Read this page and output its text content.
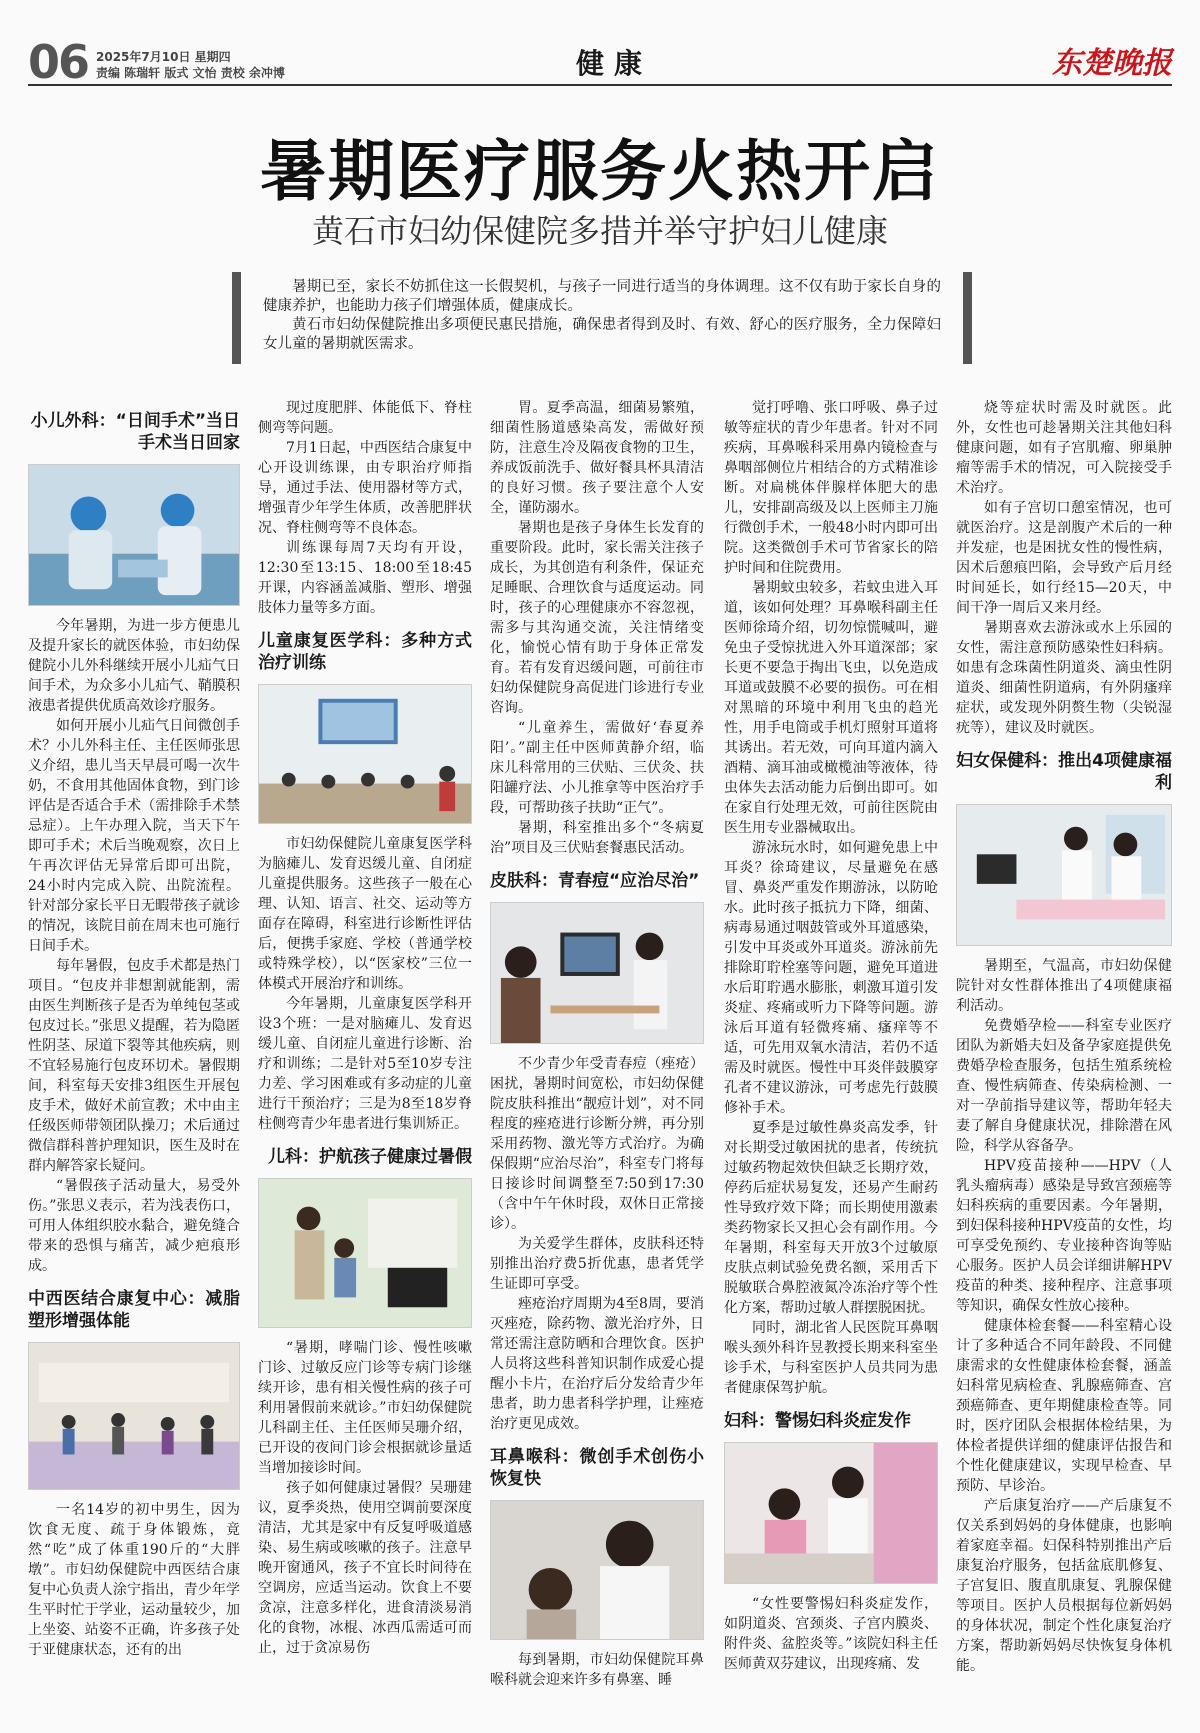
06 2025年7月10日 星期四
责编 陈瑞轩 版式 文怡 责校 余冲博	健康	东楚晚报
暑期医疗服务火热开启
黄石市妇幼保健院多措并举守护妇儿健康

暑期已至，家长不妨抓住这一长假契机，与孩子一同进行适当的身体调理。这不仅有助于家长自身的健康养护，也能助力孩子们增强体质，健康成长。

黄石市妇幼保健院推出多项便民惠民措施，确保患者得到及时、有效、舒心的医疗服务，全力保障妇女儿童的暑期就医需求。

小儿外科：“日间手术”当日手术当日回家

今年暑期，为进一步方便患儿及提升家长的就医体验，市妇幼保健院小儿外科继续开展小儿疝气日间手术，为众多小儿疝气、鞘膜积液患者提供优质高效诊疗服务。

如何开展小儿疝气日间微创手术？小儿外科主任、主任医师张思义介绍，患儿当天早晨可喝一次牛奶，不食用其他固体食物，到门诊评估是否适合手术（需排除手术禁忌症）。上午办理入院，当天下午即可手术；术后当晚观察，次日上午再次评估无异常后即可出院，24小时内完成入院、出院流程。针对部分家长平日无暇带孩子就诊的情况，该院目前在周末也可施行日间手术。

每年暑假，包皮手术都是热门项目。“包皮并非想割就能割，需由医生判断孩子是否为单纯包茎或包皮过长。”张思义提醒，若为隐匿性阴茎、尿道下裂等其他疾病，则不宜轻易施行包皮环切术。暑假期间，科室每天安排3组医生开展包皮手术，做好术前宣教；术中由主任级医师带领团队操刀；术后通过微信群科普护理知识，医生及时在群内解答家长疑问。

“暑假孩子活动量大，易受外伤。”张思义表示，若为浅表伤口，可用人体组织胶水黏合，避免缝合带来的恐惧与痛苦，减少疤痕形成。

中西医结合康复中心：减脂塑形增强体能

一名14岁的初中男生，因为饮食无度、疏于身体锻炼，竟然“吃”成了体重190斤的“大胖墩”。市妇幼保健院中西医结合康复中心负责人涂宁指出，青少年学生平时忙于学业，运动量较少，加上坐姿、站姿不正确，许多孩子处于亚健康状态，还有的出

现过度肥胖、体能低下、脊柱侧弯等问题。

7月1日起，中西医结合康复中心开设训练课，由专职治疗师指导，通过手法、使用器材等方式，增强青少年学生体质，改善肥胖状况、脊柱侧弯等不良体态。

训练课每周7天均有开设，12:30至13:15、18:00至18:45开课，内容涵盖减脂、塑形、增强肢体力量等多方面。

儿童康复医学科：多种方式治疗训练

市妇幼保健院儿童康复医学科为脑瘫儿、发育迟缓儿童、自闭症儿童提供服务。这些孩子一般在心理、认知、语言、社交、运动等方面存在障碍，科室进行诊断性评估后，便携手家庭、学校（普通学校或特殊学校），以“医家校”三位一体模式开展治疗和训练。

今年暑期，儿童康复医学科开设3个班：一是对脑瘫儿、发育迟缓儿童、自闭症儿童进行诊断、治疗和训练；二是针对5至10岁专注力差、学习困难或有多动症的儿童进行干预治疗；三是为8至18岁脊柱侧弯青少年患者进行集训矫正。

儿科：护航孩子健康过暑假

“暑期，哮喘门诊、慢性咳嗽门诊、过敏反应门诊等专病门诊继续开诊，患有相关慢性病的孩子可利用暑假前来就诊。”市妇幼保健院儿科副主任、主任医师吴珊介绍，已开设的夜间门诊会根据就诊量适当增加接诊时间。

孩子如何健康过暑假？吴珊建议，夏季炎热，使用空调前要深度清洁，尤其是家中有反复呼吸道感染、易生病或咳嗽的孩子。注意早晚开窗通风，孩子不宜长时间待在空调房，应适当运动。饮食上不要贪凉，注意多样化，进食清淡易消化的食物，冰棍、冰西瓜需适可而止，过于贪凉易伤

胃。夏季高温，细菌易繁殖，细菌性肠道感染高发，需做好预防，注意生冷及隔夜食物的卫生，养成饭前洗手、做好餐具杯具清洁的良好习惯。孩子要注意个人安全，谨防溺水。

暑期也是孩子身体生长发育的重要阶段。此时，家长需关注孩子成长，为其创造有利条件，保证充足睡眠、合理饮食与适度运动。同时，孩子的心理健康亦不容忽视，需多与其沟通交流，关注情绪变化，愉悦心情有助于身体正常发育。若有发育迟缓问题，可前往市妇幼保健院身高促进门诊进行专业咨询。

“儿童养生，需做好‘春夏养阳’。”副主任中医师黄静介绍，临床儿科常用的三伏贴、三伏灸、扶阳罐疗法、小儿推拿等中医治疗手段，可帮助孩子扶助“正气”。

暑期，科室推出多个“冬病夏治”项目及三伏贴套餐惠民活动。

皮肤科：青春痘“应治尽治”

不少青少年受青春痘（痤疮）困扰，暑期时间宽松，市妇幼保健院皮肤科推出“靓痘计划”，对不同程度的痤疮进行诊断分辨，再分别采用药物、激光等方式治疗。为确保假期“应治尽治”，科室专门将每日接诊时间调整至7:50到17:30（含中午午休时段，双休日正常接诊）。

为关爱学生群体，皮肤科还特别推出治疗费5折优惠，患者凭学生证即可享受。

痤疮治疗周期为4至8周，要消灭痤疮，除药物、激光治疗外，日常还需注意防晒和合理饮食。医护人员将这些科普知识制作成爱心提醒小卡片，在治疗后分发给青少年患者，助力患者科学护理，让痤疮治疗更见成效。

耳鼻喉科：微创手术创伤小恢复快

每到暑期，市妇幼保健院耳鼻喉科就会迎来许多有鼻塞、睡

觉打呼噜、张口呼吸、鼻子过敏等症状的青少年患者。针对不同疾病，耳鼻喉科采用鼻内镜检查与鼻咽部侧位片相结合的方式精准诊断。对扁桃体伴腺样体肥大的患儿，安排副高级及以上医师主刀施行微创手术，一般48小时内即可出院。这类微创手术可节省家长的陪护时间和住院费用。

暑期蚊虫较多，若蚊虫进入耳道，该如何处理？耳鼻喉科副主任医师徐琦介绍，切勿惊慌喊叫，避免虫子受惊扰进入外耳道深部；家长更不要急于掏出飞虫，以免造成耳道或鼓膜不必要的损伤。可在相对黑暗的环境中利用飞虫的趋光性，用手电筒或手机灯照射耳道将其诱出。若无效，可向耳道内滴入酒精、滴耳油或橄榄油等液体，待虫体失去活动能力后倒出即可。如在家自行处理无效，可前往医院由医生用专业器械取出。

游泳玩水时，如何避免患上中耳炎？徐琦建议，尽量避免在感冒、鼻炎严重发作期游泳，以防呛水。此时孩子抵抗力下降，细菌、病毒易通过咽鼓管或外耳道感染，引发中耳炎或外耳道炎。游泳前先排除耵聍栓塞等问题，避免耳道进水后耵聍遇水膨胀，刺激耳道引发炎症、疼痛或听力下降等问题。游泳后耳道有轻微疼痛、瘙痒等不适，可先用双氧水清洁，若仍不适需及时就医。慢性中耳炎伴鼓膜穿孔者不建议游泳，可考虑先行鼓膜修补手术。

夏季是过敏性鼻炎高发季，针对长期受过敏困扰的患者，传统抗过敏药物起效快但缺乏长期疗效，停药后症状易复发，还易产生耐药性导致疗效下降；而长期使用激素类药物家长又担心会有副作用。今年暑期，科室每天开放3个过敏原皮肤点刺试验免费名额，采用舌下脱敏联合鼻腔液氮冷冻治疗等个性化方案，帮助过敏人群摆脱困扰。

同时，湖北省人民医院耳鼻咽喉头颈外科许昱教授长期来科室坐诊手术，与科室医护人员共同为患者健康保驾护航。

妇科：警惕妇科炎症发作

“女性要警惕妇科炎症发作，如阴道炎、宫颈炎、子宫内膜炎、附件炎、盆腔炎等。”该院妇科主任医师黄双芬建议，出现疼痛、发

烧等症状时需及时就医。此外，女性也可趁暑期关注其他妇科健康问题，如有子宫肌瘤、卵巢肿瘤等需手术的情况，可入院接受手术治疗。

如有子宫切口憩室情况，也可就医治疗。这是剖腹产术后的一种并发症，也是困扰女性的慢性病，因术后憩痕凹陷，会导致产后月经时间延长，如行经15—20天，中间干净一周后又来月经。

暑期喜欢去游泳或水上乐园的女性，需注意预防感染性妇科病。如患有念珠菌性阴道炎、滴虫性阴道炎、细菌性阴道病，有外阴瘙痒症状，或发现外阴赘生物（尖锐湿疣等），建议及时就医。

妇女保健科：推出4项健康福利

暑期至，气温高，市妇幼保健院针对女性群体推出了4项健康福利活动。

免费婚孕检——科室专业医疗团队为新婚夫妇及备孕家庭提供免费婚孕检查服务，包括生殖系统检查、慢性病筛查、传染病检测、一对一孕前指导建议等，帮助年轻夫妻了解自身健康状况，排除潜在风险，科学从容备孕。

HPV疫苗接种——HPV（人乳头瘤病毒）感染是导致宫颈癌等妇科疾病的重要因素。今年暑期，到妇保科接种HPV疫苗的女性，均可享受免预约、专业接种咨询等贴心服务。医护人员会详细讲解HPV疫苗的种类、接种程序、注意事项等知识，确保女性放心接种。

健康体检套餐——科室精心设计了多种适合不同年龄段、不同健康需求的女性健康体检套餐，涵盖妇科常见病检查、乳腺癌筛查、宫颈癌筛查、更年期健康检查等。同时，医疗团队会根据体检结果，为体检者提供详细的健康评估报告和个性化健康建议，实现早检查、早预防、早诊治。

产后康复治疗——产后康复不仅关系到妈妈的身体健康，也影响着家庭幸福。妇保科特别推出产后康复治疗服务，包括盆底肌修复、子宫复旧、腹直肌康复、乳腺保健等项目。医护人员根据每位新妈妈的身体状况，制定个性化康复治疗方案，帮助新妈妈尽快恢复身体机能。
